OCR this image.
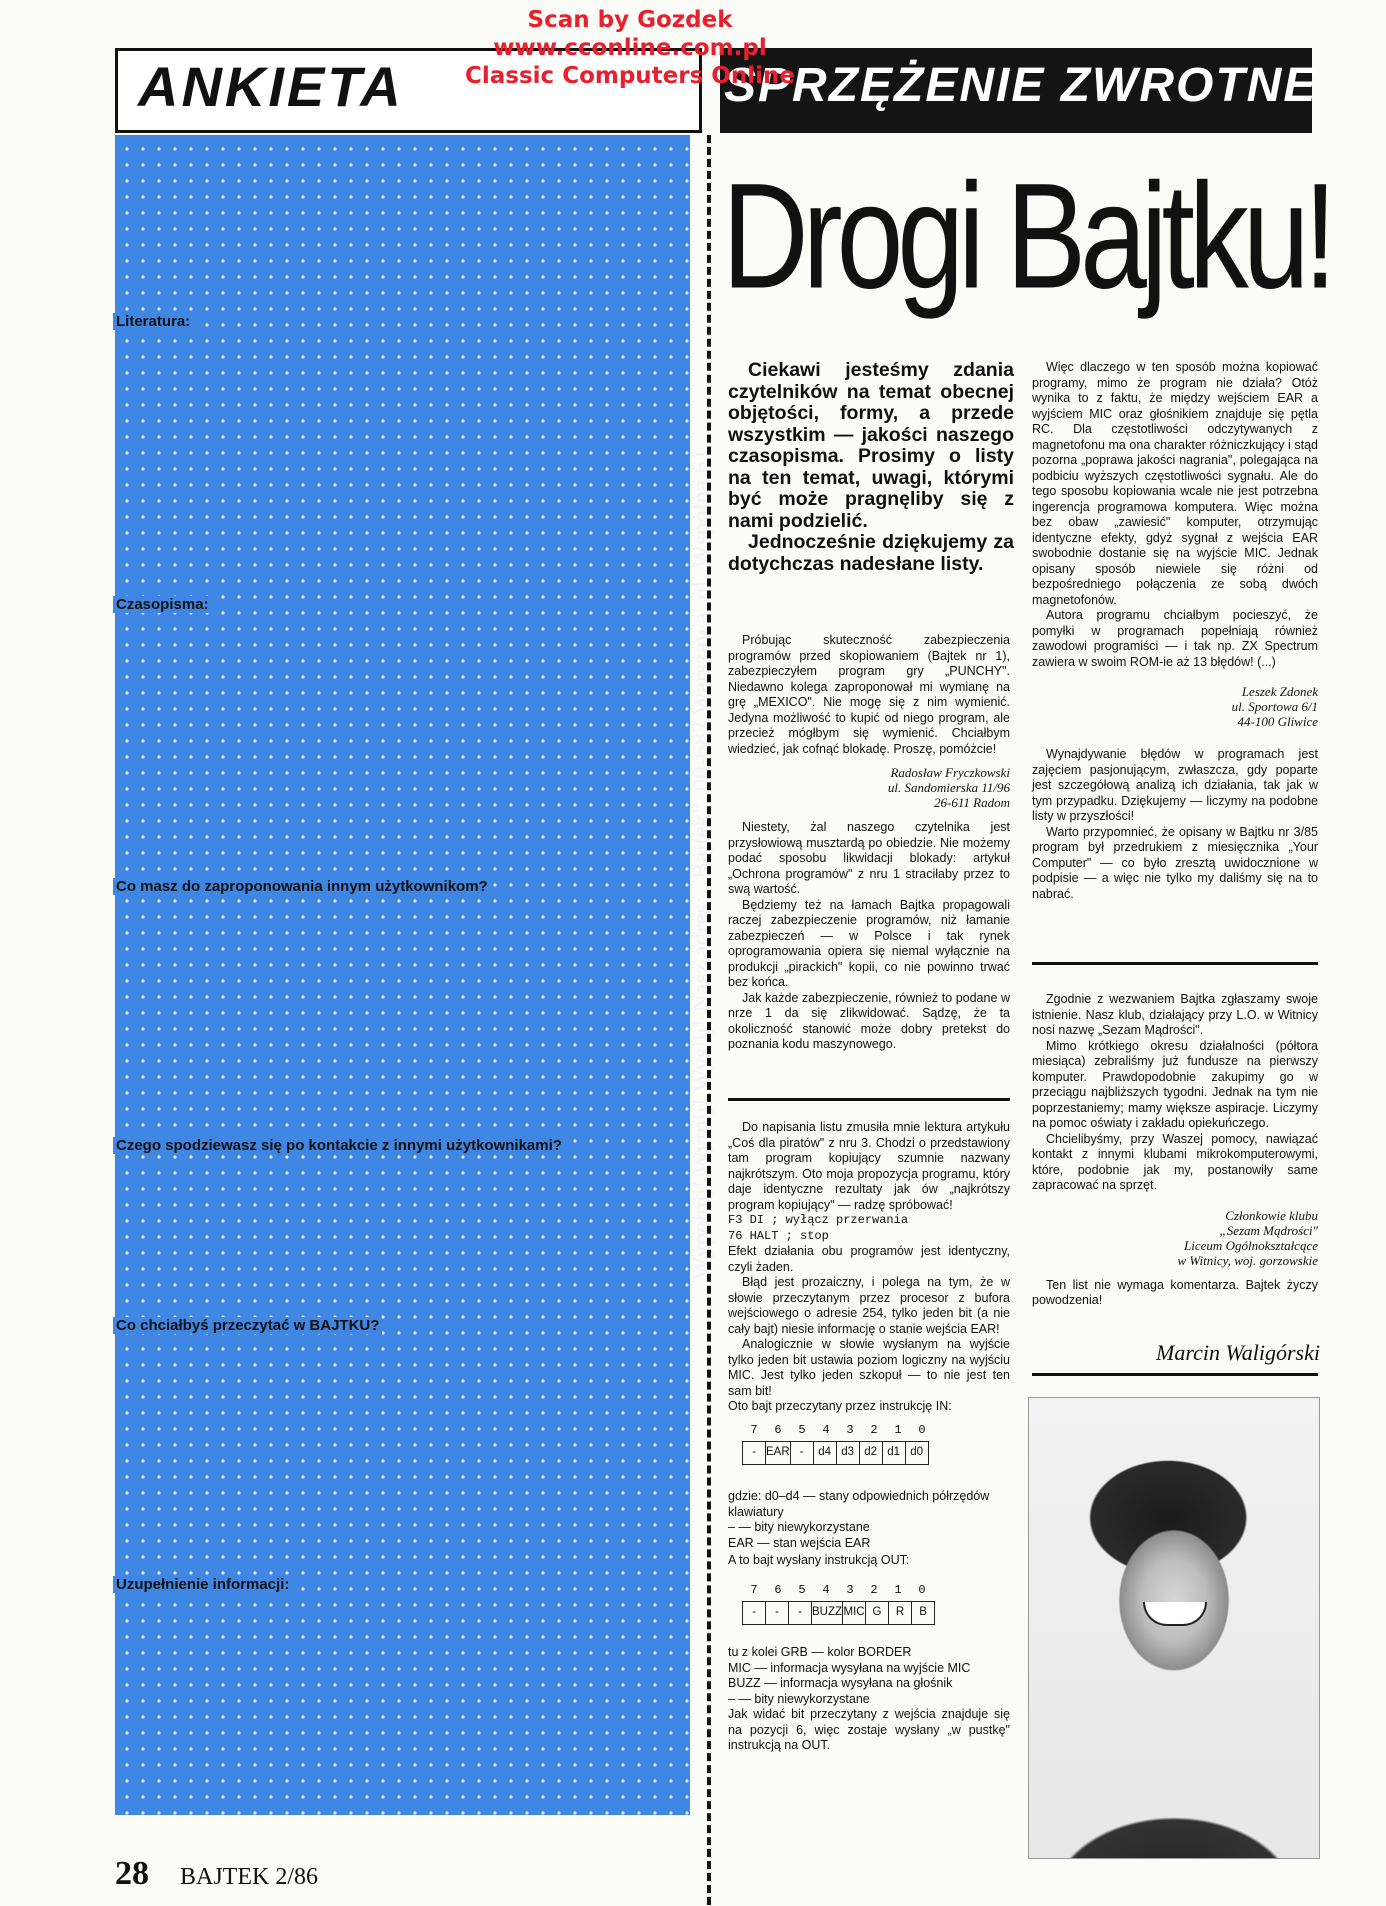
Scan by Gozdek
www.cconline.com.pl
Classic Computers Online
ANKIETA	SPRZĘŻENIE ZWROTNE
Literatura:
Czasopisma:
Co masz do zaproponowania innym użytkownikom?
Czego spodziewasz się po kontakcie z innymi użytkownikami?
Co chciałbyś przeczytać w BAJTKU?
Uzupełnienie informacji:
Wypełnij! Wytnij! Wyślij! Nasz adres: „Bajtek", 00-687 Warszawa, ul. Wspólna 61
Drogi Bajtku!

Ciekawi jesteśmy zdania czytelników na temat obecnej objętości, formy, a przede wszystkim — jakości naszego czasopisma. Prosimy o listy na ten temat, uwagi, którymi być może pragnęliby się z nami podzielić.

Jednocześnie dziękujemy za dotychczas nadesłane listy.

Próbując skuteczność zabezpieczenia programów przed skopiowaniem (Bajtek nr 1), zabezpieczyłem program gry „PUNCHY". Niedawno kolega zaproponował mi wymianę na grę „MEXICO". Nie mogę się z nim wymienić. Jedyna możliwość to kupić od niego program, ale przecież mógłbym się wymienić. Chciałbym wiedzieć, jak cofnąć blokadę. Proszę, pomóżcie!

Radosław Fryczkowski
ul. Sandomierska 11/96
26-611 Radom

Niestety, żal naszego czytelnika jest przysłowiową musztardą po obiedzie. Nie możemy podać sposobu likwidacji blokady: artykuł „Ochrona programów" z nru 1 straciłaby przez to swą wartość.

Będziemy też na łamach Bajtka propagowali raczej zabezpieczenie programów, niż łamanie zabezpieczeń — w Polsce i tak rynek oprogramowania opiera się niemal wyłącznie na produkcji „pirackich" kopii, co nie powinno trwać bez końca.

Jak każde zabezpieczenie, również to podane w nrze 1 da się zlikwidować. Sądzę, że ta okoliczność stanowić może dobry pretekst do poznania kodu maszynowego.

Do napisania listu zmusiła mnie lektura artykułu „Coś dla piratów" z nru 3. Chodzi o przedstawiony tam program kopiujący szumnie nazwany najkrótszym. Oto moja propozycja programu, który daje identyczne rezultaty jak ów „najkrótszy program kopiujący" — radzę spróbować!

F3 DI ; wyłącz przerwania
76 HALT ; stop

Efekt działania obu programów jest identyczny, czyli żaden.

Błąd jest prozaiczny, i polega na tym, że w słowie przeczytanym przez procesor z bufora wejściowego o adresie 254, tylko jeden bit (a nie cały bajt) niesie informację o stanie wejścia EAR!

Analogicznie w słowie wysłanym na wyjście tylko jeden bit ustawia poziom logiczny na wyjściu MIC. Jest tylko jeden szkopuł — to nie jest ten sam bit!

Oto bajt przeczytany przez instrukcję IN:

7 6 5 4 3 2 1 0
-	EAR	-	d4	d3	d2	d1	d0
gdzie: d0–d4 — stany odpowiednich półrzędów klawiatury
– — bity niewykorzystane
EAR — stan wejścia EAR
A to bajt wysłany instrukcją OUT:
7 6 5 4 3 2 1 0
-	-	-	BUZZ	MIC	G	R	B
tu z kolei GRB — kolor BORDER
MIC — informacja wysyłana na wyjście MIC
BUZZ — informacja wysyłana na głośnik
– — bity niewykorzystane

Jak widać bit przeczytany z wejścia znajduje się na pozycji 6, więc zostaje wysłany „w pustkę" instrukcją na OUT.

Więc dlaczego w ten sposób można kopiować programy, mimo że program nie działa? Otóż wynika to z faktu, że między wejściem EAR a wyjściem MIC oraz głośnikiem znajduje się pętla RC. Dla częstotliwości odczytywanych z magnetofonu ma ona charakter różniczkujący i stąd pozorna „poprawa jakości nagrania", polegająca na podbiciu wyższych częstotliwości sygnału. Ale do tego sposobu kopiowania wcale nie jest potrzebna ingerencja programowa komputera. Więc można bez obaw „zawiesić" komputer, otrzymując identyczne efekty, gdyż sygnał z wejścia EAR swobodnie dostanie się na wyjście MIC. Jednak opisany sposób niewiele się różni od bezpośredniego połączenia ze sobą dwóch magnetofonów.

Autora programu chciałbym pocieszyć, że pomyłki w programach popełniają również zawodowi programiści — i tak np. ZX Spectrum zawiera w swoim ROM-ie aż 13 błędów! (...)

Leszek Zdonek
ul. Sportowa 6/1
44-100 Gliwice

Wynajdywanie błędów w programach jest zajęciem pasjonującym, zwłaszcza, gdy poparte jest szczegółową analizą ich działania, tak jak w tym przypadku. Dziękujemy — liczymy na podobne listy w przyszłości!

Warto przypomnieć, że opisany w Bajtku nr 3/85 program był przedrukiem z miesięcznika „Your Computer" — co było zresztą uwidocznione w podpisie — a więc nie tylko my daliśmy się na to nabrać.

Zgodnie z wezwaniem Bajtka zgłaszamy swoje istnienie. Nasz klub, działający przy L.O. w Witnicy nosi nazwę „Sezam Mądrości".

Mimo krótkiego okresu działalności (półtora miesiąca) zebraliśmy już fundusze na pierwszy komputer. Prawdopodobnie zakupimy go w przeciągu najbliższych tygodni. Jednak na tym nie poprzestaniemy; mamy większe aspiracje. Liczymy na pomoc oświaty i zakładu opiekuńczego.

Chcielibyśmy, przy Waszej pomocy, nawiązać kontakt z innymi klubami mikrokomputerowymi, które, podobnie jak my, postanowiły same zapracować na sprzęt.

Członkowie klubu
„Sezam Mądrości"
Liceum Ogólnokształcące
w Witnicy, woj. gorzowskie

Ten list nie wymaga komentarza. Bajtek życzy powodzenia!

Marcin Waligórski
28 BAJTEK 2/86
